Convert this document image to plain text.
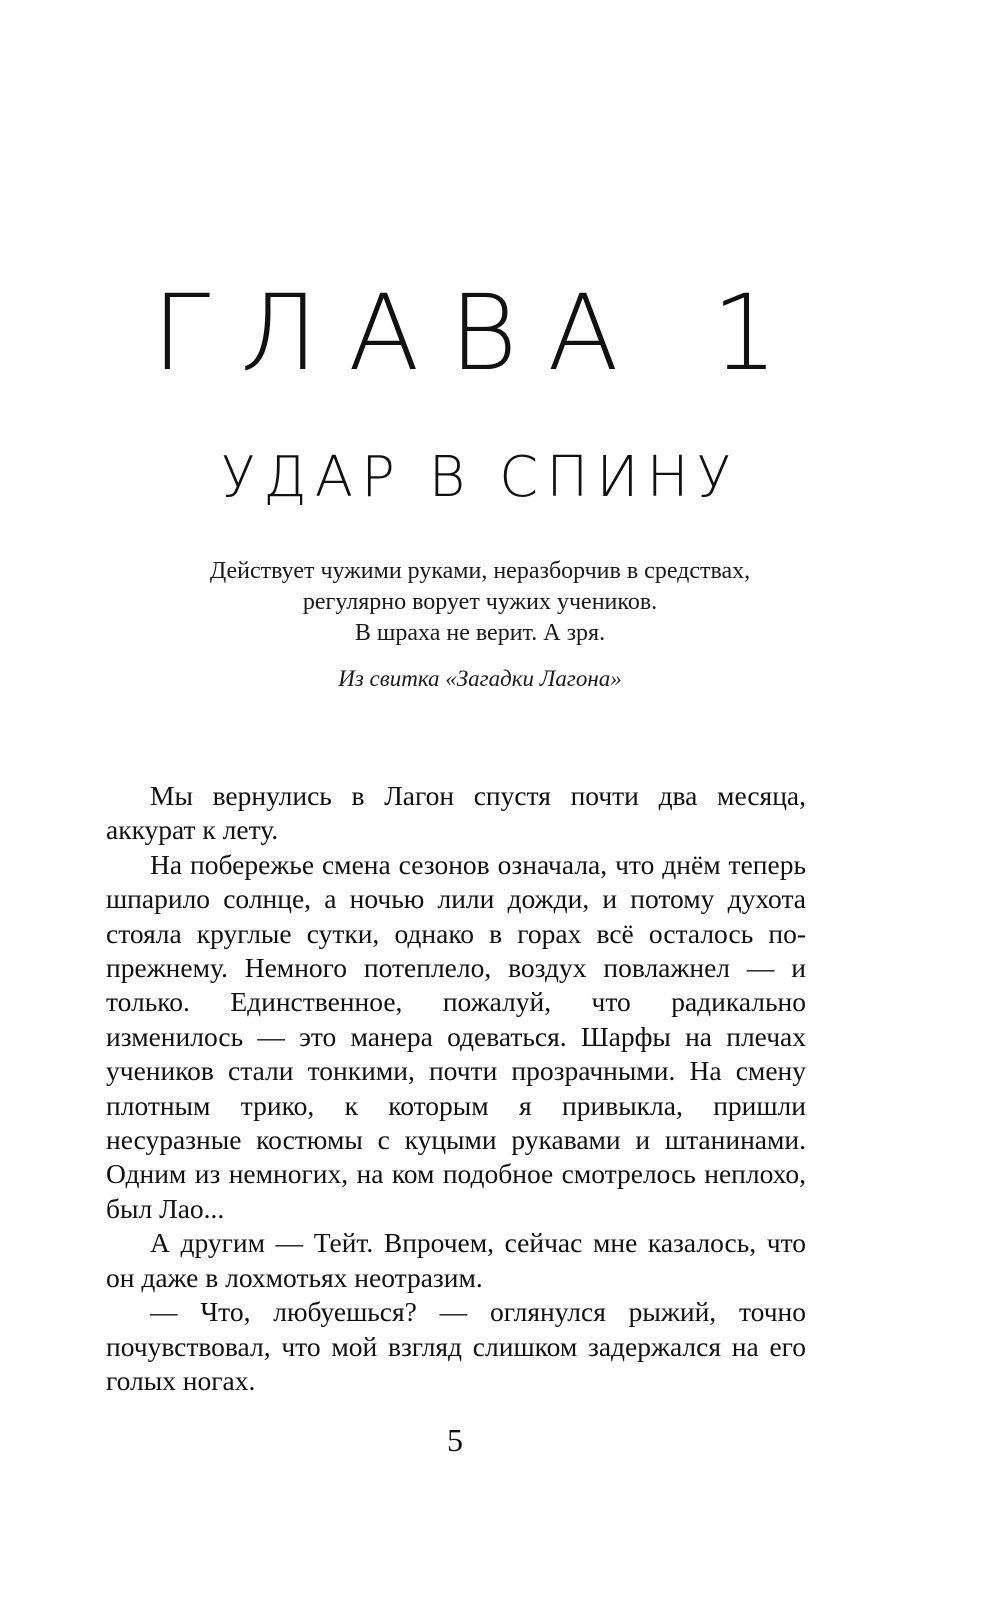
ГЛАВА 1
УДАР В СПИНУ
Действует чужими руками, неразборчив в средствах,
регулярно ворует чужих учеников.
В шраха не верит. А зря.
Из свитка «Загадки Лагона»

Мы вернулись в Лагон спустя почти два месяца, аккурат к лету.

На побережье смена сезонов означала, что днём теперь шпарило солнце, а ночью лили дожди, и потому духота стояла круглые сутки, однако в горах всё осталось по-прежнему. Немного потеплело, воздух повлажнел — и только. Единственное, пожалуй, что радикально изменилось — это манера одеваться. Шарфы на плечах учеников стали тонкими, почти прозрачными. На смену плотным трико, к которым я привыкла, пришли несуразные костюмы с куцыми рукавами и штанинами. Одним из немногих, на ком подобное смотрелось неплохо, был Лао...

А другим — Тейт. Впрочем, сейчас мне казалось, что он даже в лохмотьях неотразим.

— Что, любуешься? — оглянулся рыжий, точно почувствовал, что мой взгляд слишком задержался на его голых ногах.

5
